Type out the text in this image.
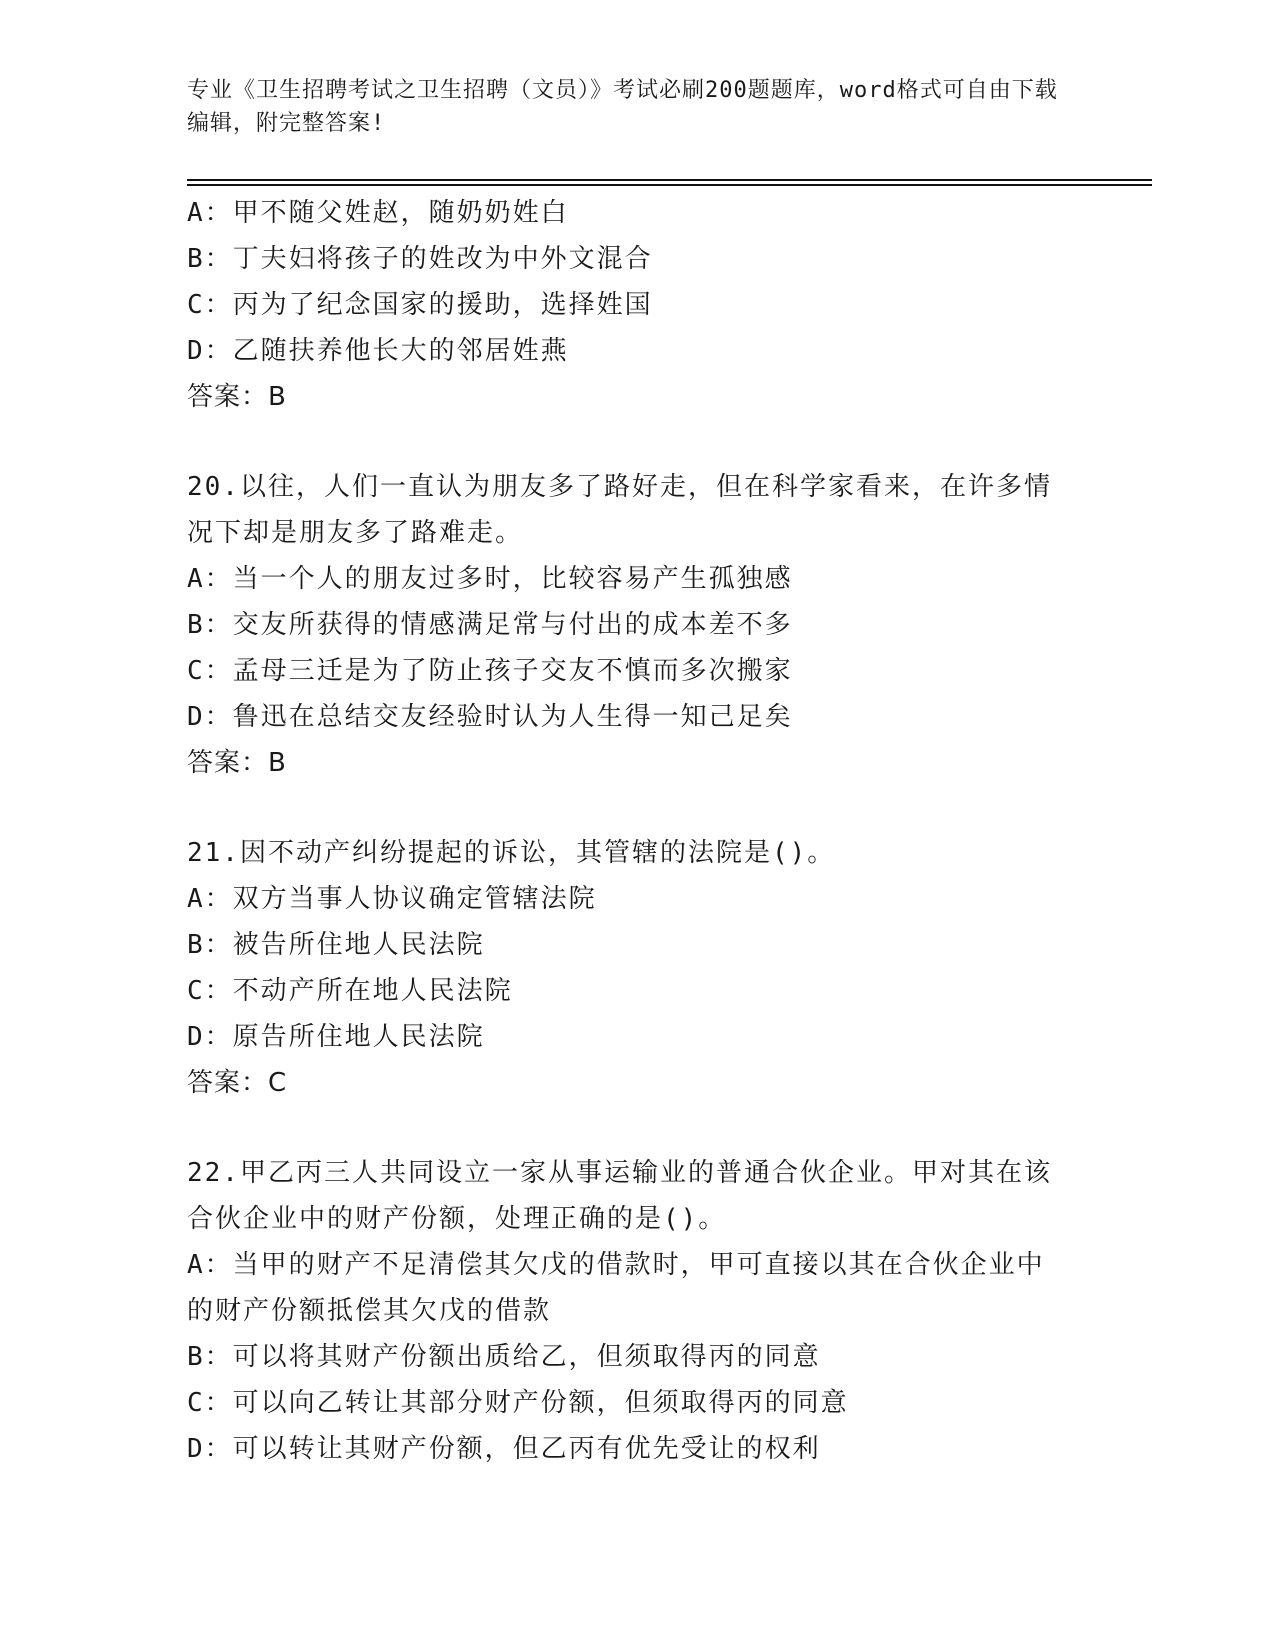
专业《卫生招聘考试之卫生招聘（文员）》考试必刷200题题库，word格式可自由下载编辑，附完整答案!
A：甲不随父姓赵，随奶奶姓白
B：丁夫妇将孩子的姓改为中外文混合
C：丙为了纪念国家的援助，选择姓国
D：乙随扶养他长大的邻居姓燕
答案：B
20.以往，人们一直认为朋友多了路好走，但在科学家看来，在许多情
况下却是朋友多了路难走。
A：当一个人的朋友过多时，比较容易产生孤独感
B：交友所获得的情感满足常与付出的成本差不多
C：孟母三迁是为了防止孩子交友不慎而多次搬家
D：鲁迅在总结交友经验时认为人生得一知己足矣
答案：B
21.因不动产纠纷提起的诉讼，其管辖的法院是()。
A：双方当事人协议确定管辖法院
B：被告所住地人民法院
C：不动产所在地人民法院
D：原告所住地人民法院
答案：C
22.甲乙丙三人共同设立一家从事运输业的普通合伙企业。甲对其在该
合伙企业中的财产份额，处理正确的是()。
A：当甲的财产不足清偿其欠戊的借款时，甲可直接以其在合伙企业中
的财产份额抵偿其欠戊的借款
B：可以将其财产份额出质给乙，但须取得丙的同意
C：可以向乙转让其部分财产份额，但须取得丙的同意
D：可以转让其财产份额，但乙丙有优先受让的权利
